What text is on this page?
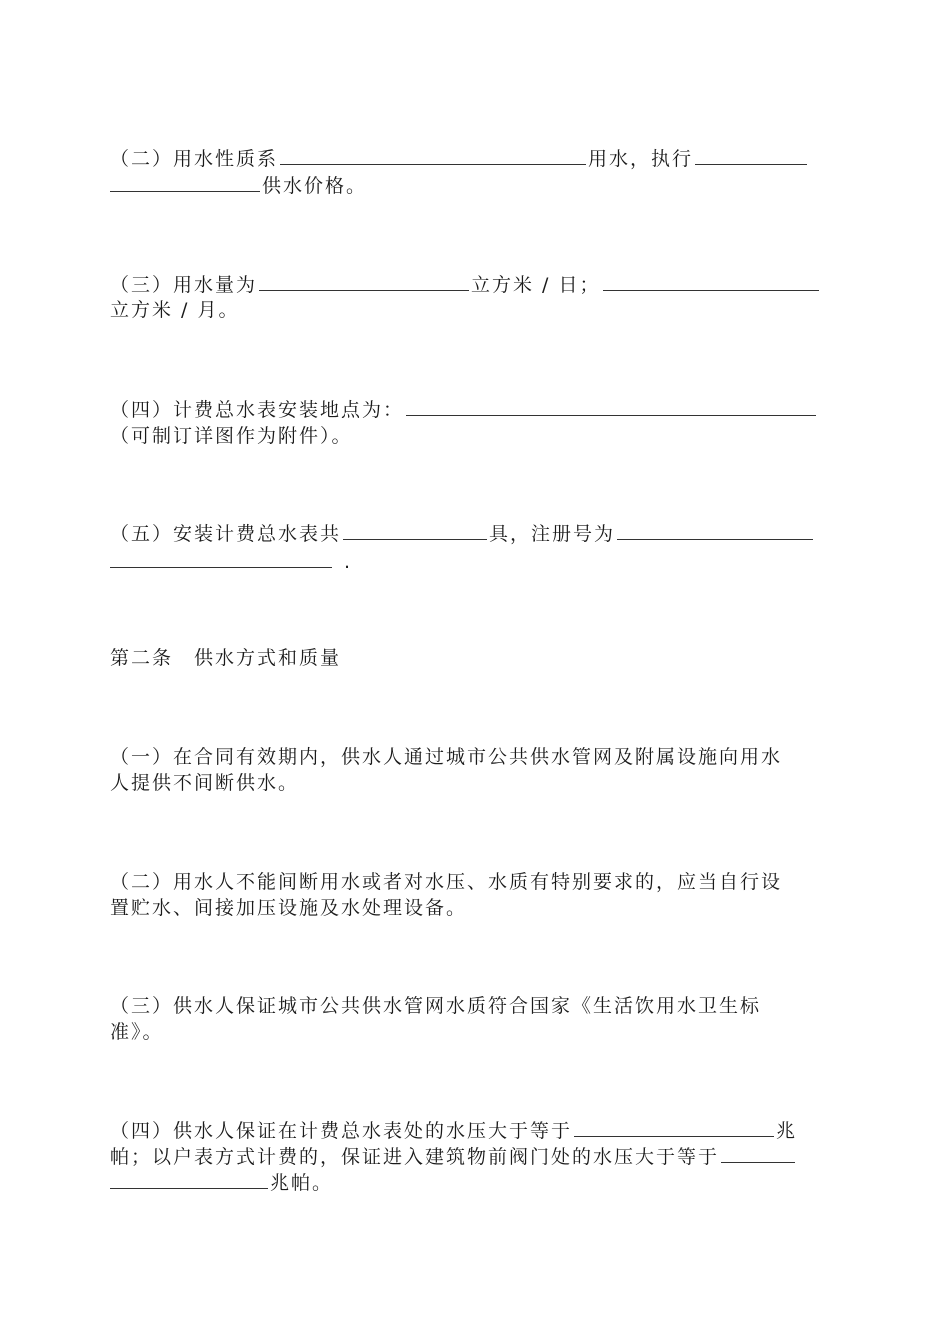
（二）用水性质系	用水，执行
供水价格。
（三）用水量为	立方米 / 日；
立方米 / 月。
（四）计费总水表安装地点为：
（可制订详图作为附件）。
（五）安装计费总水表共	具，注册号为
.
第二条　供水方式和质量
（一）在合同有效期内，供水人通过城市公共供水管网及附属设施向用水
人提供不间断供水。
（二）用水人不能间断用水或者对水压、水质有特别要求的，应当自行设
置贮水、间接加压设施及水处理设备。
（三）供水人保证城市公共供水管网水质符合国家《生活饮用水卫生标
准》。
（四）供水人保证在计费总水表处的水压大于等于	兆
帕；以户表方式计费的，保证进入建筑物前阀门处的水压大于等于
兆帕。
